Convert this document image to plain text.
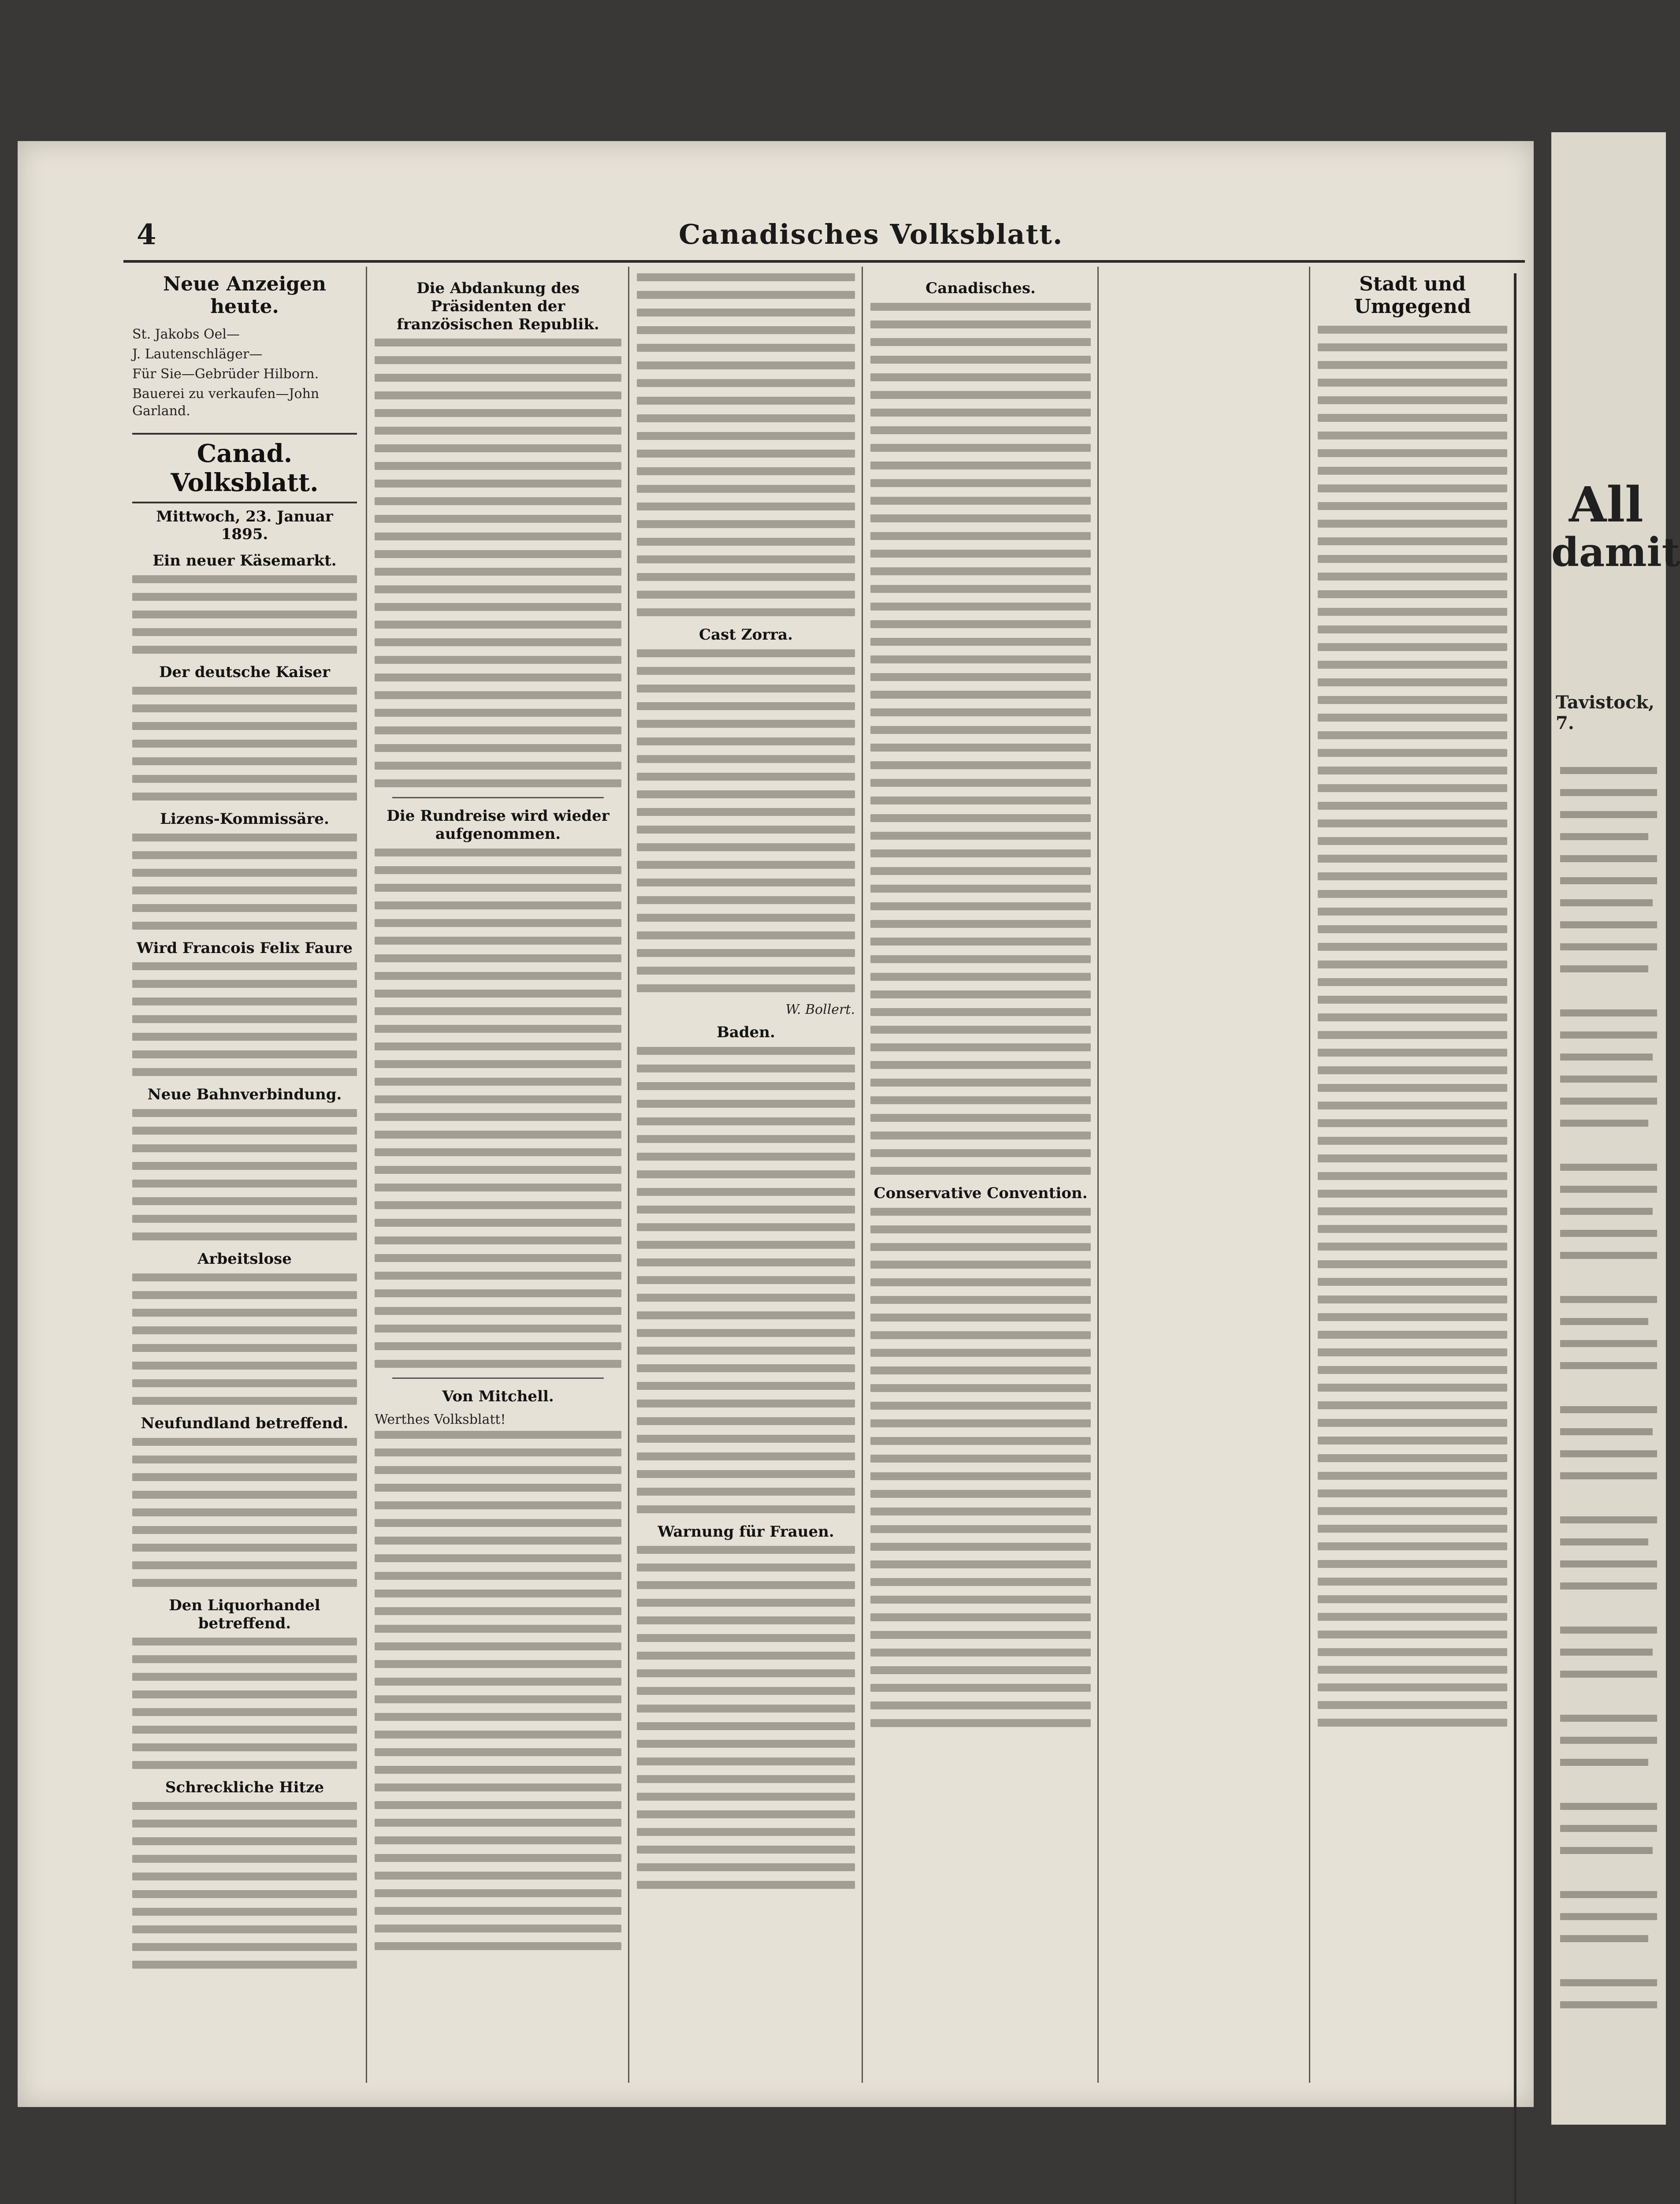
4	Canadisches Volksblatt.
Neue Anzeigen heute.
St. Jakobs Oel—
J. Lautenschläger—
Für Sie—Gebrüder Hilborn.
Bauerei zu verkaufen—John Garland.
Canad. Volksblatt.
Mittwoch, 23. Januar 1895.
Ein neuer Käsemarkt.
Der deutsche Kaiser
Lizens-Kommissäre.
Wird Francois Felix Faure
Neue Bahnverbindung.
Arbeitslose
Neufundland betreffend.
Den Liquorhandel betreffend.
Schreckliche Hitze
Die Abdankung des Präsidenten der französischen Republik.
Die Rundreise wird wieder aufgenommen.
Von Mitchell.
Werthes Volksblatt!
Cast Zorra.
W. Bollert.
Baden.
Warnung für Frauen.
Canadisches.
Conservative Convention.
Stadt und Umgegend
All
damit
Tavistock, 7.
